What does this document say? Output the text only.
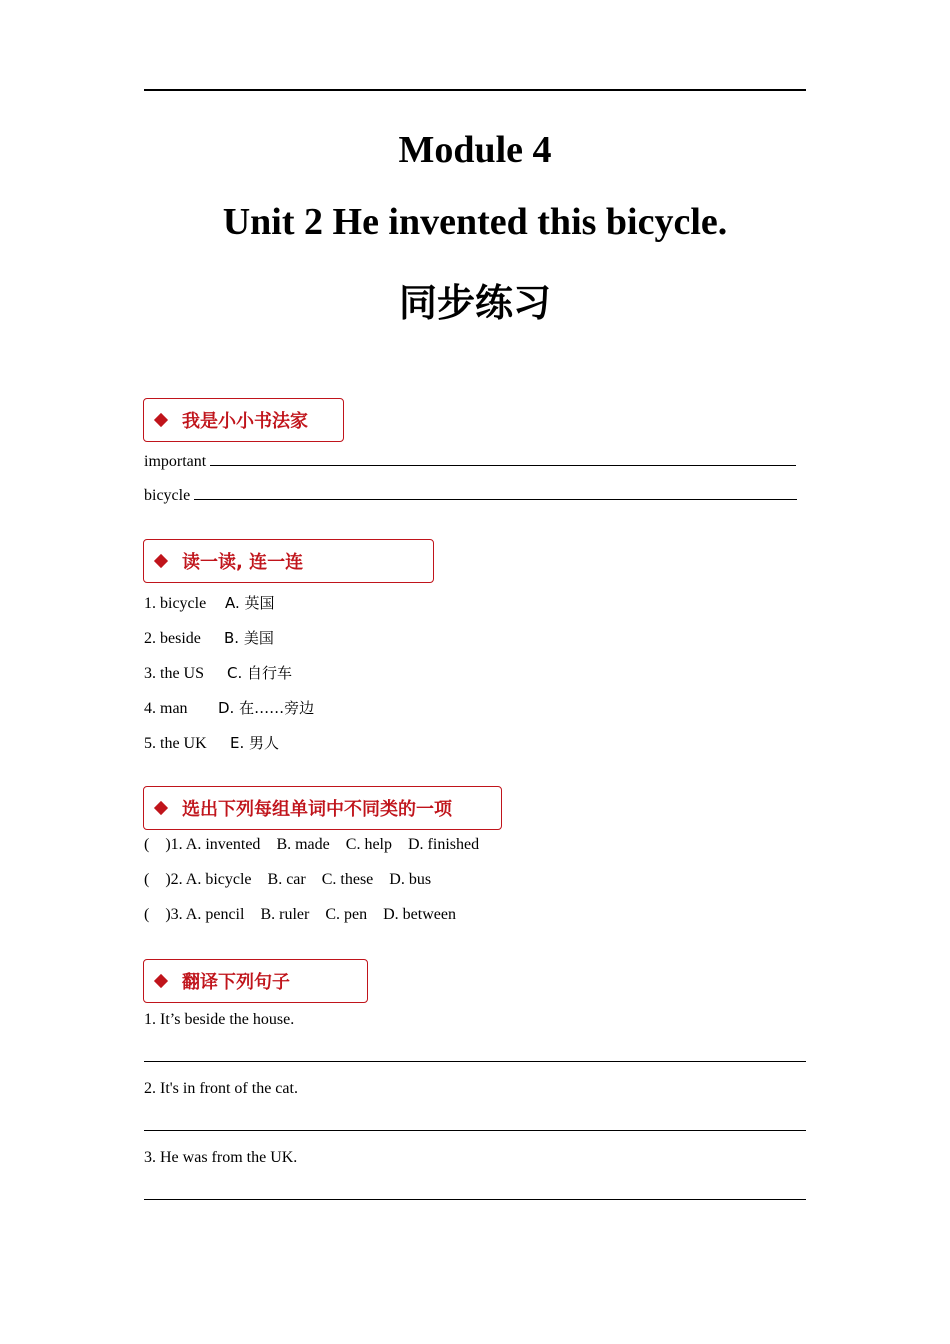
Module 4
Unit 2 He invented this bicycle.
同步练习
我是小小书法家
important
bicycle
读一读, 连一连
1. bicycle A. 英国
2. beside B. 美国
3. the US C. 自行车
4. man D. 在……旁边
5. the UK E. 男人
选出下列每组单词中不同类的一项
(    )1. A. invented B. made C. help D. finished
(    )2. A. bicycle B. car C. these D. bus
(    )3. A. pencil B. ruler C. pen D. between
翻译下列句子
1. It’s beside the house.
2. It's in front of the cat.
3. He was from the UK.
